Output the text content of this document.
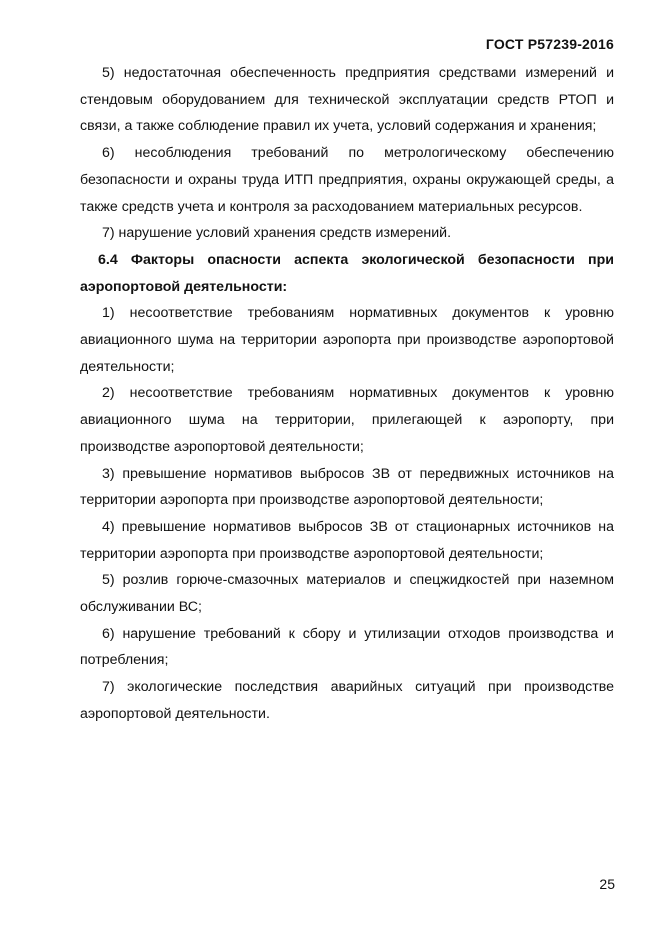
ГОСТ Р57239-2016

5) недостаточная обеспеченность предприятия средствами измерений и стендовым оборудованием для технической эксплуатации средств РТОП и связи, а также соблюдение правил их учета, условий содержания и хранения;

6) несоблюдения требований по метрологическому обеспечению безопасности и охраны труда ИТП предприятия, охраны окружающей среды, а также средств учета и контроля за расходованием материальных ресурсов.

7) нарушение условий хранения средств измерений.

6.4 Факторы опасности аспекта экологической безопасности при аэропортовой деятельности:

1) несоответствие требованиям нормативных документов к уровню авиационного шума на территории аэропорта при производстве аэропортовой деятельности;

2) несоответствие требованиям нормативных документов к уровню авиационного шума на территории, прилегающей к аэропорту, при производстве аэропортовой деятельности;

3) превышение нормативов выбросов ЗВ от передвижных источников на территории аэропорта при производстве аэропортовой деятельности;

4) превышение нормативов выбросов ЗВ от стационарных источников на территории аэропорта при производстве аэропортовой деятельности;

5) розлив горюче-смазочных материалов и спецжидкостей при наземном обслуживании ВС;

6) нарушение требований к сбору и утилизации отходов производства и потребления;

7) экологические последствия аварийных ситуаций при производстве аэропортовой деятельности.

25
